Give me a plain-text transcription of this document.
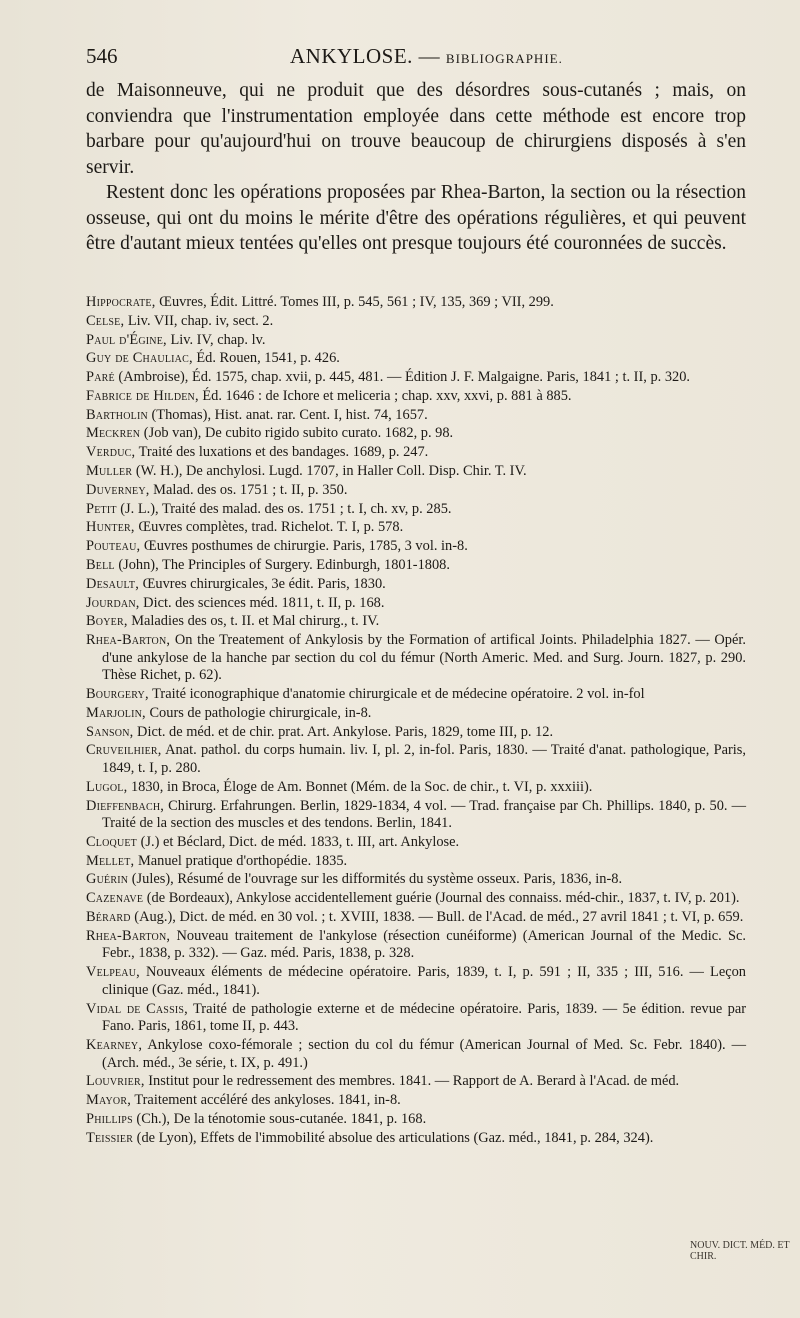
546	ANKYLOSE. — BIBLIOGRAPHIE.

de Maisonneuve, qui ne produit que des désordres sous-cutanés ; mais, on conviendra que l'instrumentation employée dans cette méthode est encore trop barbare pour qu'aujourd'hui on trouve beaucoup de chirurgiens disposés à s'en servir.

Restent donc les opérations proposées par Rhea-Barton, la section ou la résection osseuse, qui ont du moins le mérite d'être des opérations régulières, et qui peuvent être d'autant mieux tentées qu'elles ont presque toujours été couronnées de succès.

Hippocrate, Œuvres, Édit. Littré. Tomes III, p. 545, 561 ; IV, 135, 369 ; VII, 299.
Celse, Liv. VII, chap. iv, sect. 2.
Paul d'Égine, Liv. IV, chap. lv.
Guy de Chauliac, Éd. Rouen, 1541, p. 426.
Paré (Ambroise), Éd. 1575, chap. xvii, p. 445, 481. — Édition J. F. Malgaigne. Paris, 1841 ; t. II, p. 320.
Fabrice de Hilden, Éd. 1646 : de Ichore et meliceria ; chap. xxv, xxvi, p. 881 à 885.
Bartholin (Thomas), Hist. anat. rar. Cent. I, hist. 74, 1657.
Meckren (Job van), De cubito rigido subito curato. 1682, p. 98.
Verduc, Traité des luxations et des bandages. 1689, p. 247.
Muller (W. H.), De anchylosi. Lugd. 1707, in Haller Coll. Disp. Chir. T. IV.
Duverney, Malad. des os. 1751 ; t. II, p. 350.
Petit (J. L.), Traité des malad. des os. 1751 ; t. I, ch. xv, p. 285.
Hunter, Œuvres complètes, trad. Richelot. T. I, p. 578.
Pouteau, Œuvres posthumes de chirurgie. Paris, 1785, 3 vol. in-8.
Bell (John), The Principles of Surgery. Edinburgh, 1801-1808.
Desault, Œuvres chirurgicales, 3e édit. Paris, 1830.
Jourdan, Dict. des sciences méd. 1811, t. II, p. 168.
Boyer, Maladies des os, t. II. et Mal chirurg., t. IV.
Rhea-Barton, On the Treatement of Ankylosis by the Formation of artifical Joints. Philadelphia 1827. — Opér. d'une ankylose de la hanche par section du col du fémur (North Americ. Med. and Surg. Journ. 1827, p. 290. Thèse Richet, p. 62).
Bourgery, Traité iconographique d'anatomie chirurgicale et de médecine opératoire. 2 vol. in-fol
Marjolin, Cours de pathologie chirurgicale, in-8.
Sanson, Dict. de méd. et de chir. prat. Art. Ankylose. Paris, 1829, tome III, p. 12.
Cruveilhier, Anat. pathol. du corps humain. liv. I, pl. 2, in-fol. Paris, 1830. — Traité d'anat. pathologique, Paris, 1849, t. I, p. 280.
Lugol, 1830, in Broca, Éloge de Am. Bonnet (Mém. de la Soc. de chir., t. VI, p. xxxiii).
Dieffenbach, Chirurg. Erfahrungen. Berlin, 1829-1834, 4 vol. — Trad. française par Ch. Phillips. 1840, p. 50. — Traité de la section des muscles et des tendons. Berlin, 1841.
Cloquet (J.) et Béclard, Dict. de méd. 1833, t. III, art. Ankylose.
Mellet, Manuel pratique d'orthopédie. 1835.
Guérin (Jules), Résumé de l'ouvrage sur les difformités du système osseux. Paris, 1836, in-8.
Cazenave (de Bordeaux), Ankylose accidentellement guérie (Journal des connaiss. méd-chir., 1837, t. IV, p. 201).
Bérard (Aug.), Dict. de méd. en 30 vol. ; t. XVIII, 1838. — Bull. de l'Acad. de méd., 27 avril 1841 ; t. VI, p. 659.
Rhea-Barton, Nouveau traitement de l'ankylose (résection cunéiforme) (American Journal of the Medic. Sc. Febr., 1838, p. 332). — Gaz. méd. Paris, 1838, p. 328.
Velpeau, Nouveaux éléments de médecine opératoire. Paris, 1839, t. I, p. 591 ; II, 335 ; III, 516. — Leçon clinique (Gaz. méd., 1841).
Vidal de Cassis, Traité de pathologie externe et de médecine opératoire. Paris, 1839. — 5e édition. revue par Fano. Paris, 1861, tome II, p. 443.
Kearney, Ankylose coxo-fémorale ; section du col du fémur (American Journal of Med. Sc. Febr. 1840). — (Arch. méd., 3e série, t. IX, p. 491.)
Louvrier, Institut pour le redressement des membres. 1841. — Rapport de A. Berard à l'Acad. de méd.
Mayor, Traitement accéléré des ankyloses. 1841, in-8.
Phillips (Ch.), De la ténotomie sous-cutanée. 1841, p. 168.
Teissier (de Lyon), Effets de l'immobilité absolue des articulations (Gaz. méd., 1841, p. 284, 324).
NOUV. DICT. MÉD. ET CHIR.
